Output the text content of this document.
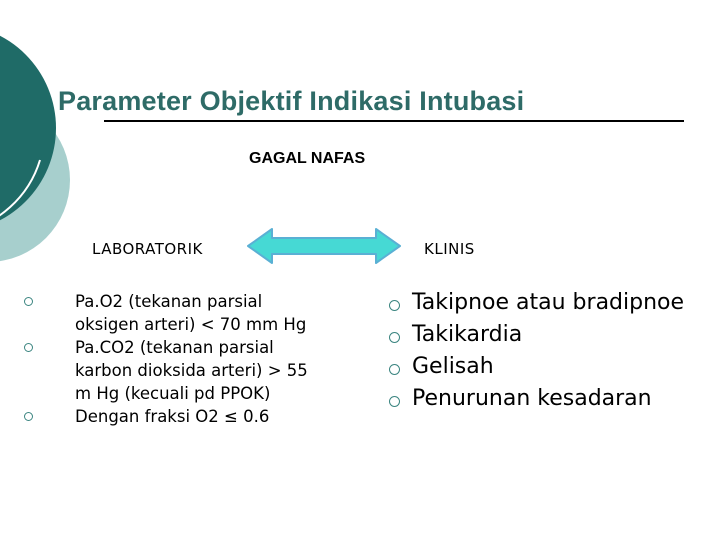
Parameter Objektif Indikasi Intubasi
GAGAL NAFAS
LABORATORIK	KLINIS
Pa.O2 (tekanan parsial oksigen arteri) < 70 mm Hg
Pa.CO2 (tekanan parsial karbon dioksida arteri) > 55 m Hg (kecuali pd PPOK)
Dengan fraksi O2 ≤ 0.6
Takipnoe atau bradipnoe
Takikardia
Gelisah
Penurunan kesadaran
